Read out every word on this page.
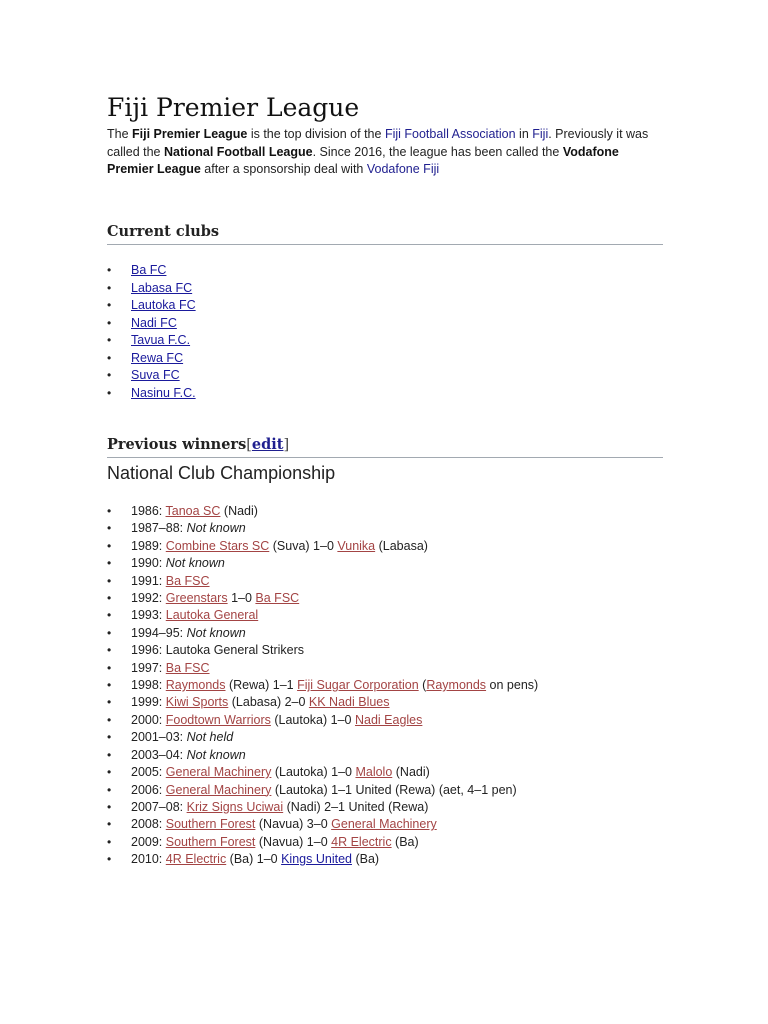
Fiji Premier League

The Fiji Premier League is the top division of the Fiji Football Association in Fiji. Previously it was called the National Football League. Since 2016, the league has been called the Vodafone Premier League after a sponsorship deal with Vodafone Fiji

Current clubs
• Ba FC
• Labasa FC
• Lautoka FC
• Nadi FC
• Tavua F.C.
• Rewa FC
• Suva FC
• Nasinu F.C.
Previous winners[edit]
National Club Championship
• 1986: Tanoa SC (Nadi)
• 1987–88: Not known
• 1989: Combine Stars SC (Suva) 1–0 Vunika (Labasa)
• 1990: Not known
• 1991: Ba FSC
• 1992: Greenstars 1–0 Ba FSC
• 1993: Lautoka General
• 1994–95: Not known
• 1996: Lautoka General Strikers
• 1997: Ba FSC
• 1998: Raymonds (Rewa) 1–1 Fiji Sugar Corporation (Raymonds on pens)
• 1999: Kiwi Sports (Labasa) 2–0 KK Nadi Blues
• 2000: Foodtown Warriors (Lautoka) 1–0 Nadi Eagles
• 2001–03: Not held
• 2003–04: Not known
• 2005: General Machinery (Lautoka) 1–0 Malolo (Nadi)
• 2006: General Machinery (Lautoka) 1–1 United (Rewa) (aet, 4–1 pen)
• 2007–08: Kriz Signs Uciwai (Nadi) 2–1 United (Rewa)
• 2008: Southern Forest (Navua) 3–0 General Machinery
• 2009: Southern Forest (Navua) 1–0 4R Electric (Ba)
• 2010: 4R Electric (Ba) 1–0 Kings United (Ba)
